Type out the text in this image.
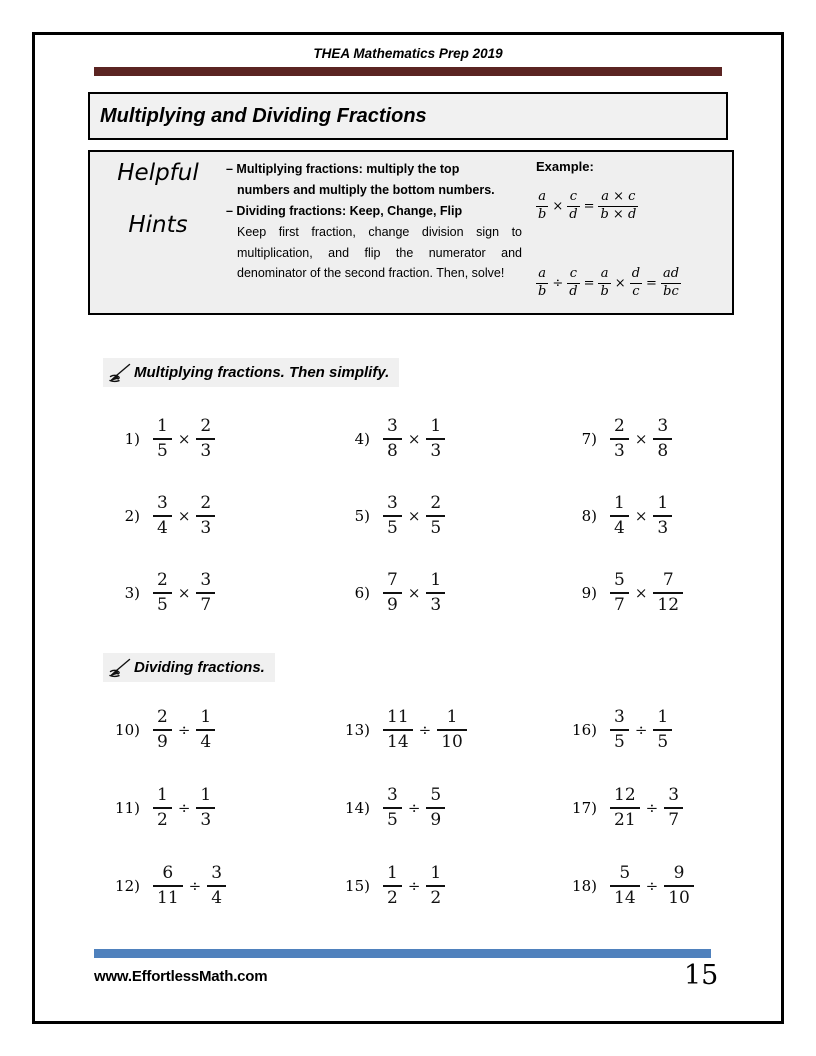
THEA Mathematics Prep 2019
Multiplying and Dividing Fractions
Helpful
Hints
– Multiplying fractions: multiply the top
numbers and multiply the bottom numbers.
– Dividing fractions: Keep, Change, Flip
Keep first fraction, change division sign to multiplication, and flip the numerator and denominator of the second fraction. Then, solve!
Example:
$\frac{a}{b} \times \frac{c}{d} = \frac{a \times c}{b \times d}$
$\frac{a}{b} \div \frac{c}{d} = \frac{a}{b} \times \frac{d}{c} = \frac{ad}{bc}$
Multiplying fractions. Then simplify.
$1) \frac{1}{5} \times \frac{2}{3}$	$4) \frac{3}{8} \times \frac{1}{3}$	$7) \frac{2}{3} \times \frac{3}{8}$
$2) \frac{3}{4} \times \frac{2}{3}$	$5) \frac{3}{5} \times \frac{2}{5}$	$8) \frac{1}{4} \times \frac{1}{3}$
$3) \frac{2}{5} \times \frac{3}{7}$	$6) \frac{7}{9} \times \frac{1}{3}$	$9) \frac{5}{7} \times \frac{7}{12}$
Dividing fractions.
$10) \frac{2}{9} \div \frac{1}{4}$	$13) \frac{11}{14} \div \frac{1}{10}$	$16) \frac{3}{5} \div \frac{1}{5}$
$11) \frac{1}{2} \div \frac{1}{3}$	$14) \frac{3}{5} \div \frac{5}{9}$	$17) \frac{12}{21} \div \frac{3}{7}$
$12) \frac{6}{11} \div \frac{3}{4}$	$15) \frac{1}{2} \div \frac{1}{2}$	$18) \frac{5}{14} \div \frac{9}{10}$
www.EffortlessMath.com	15
